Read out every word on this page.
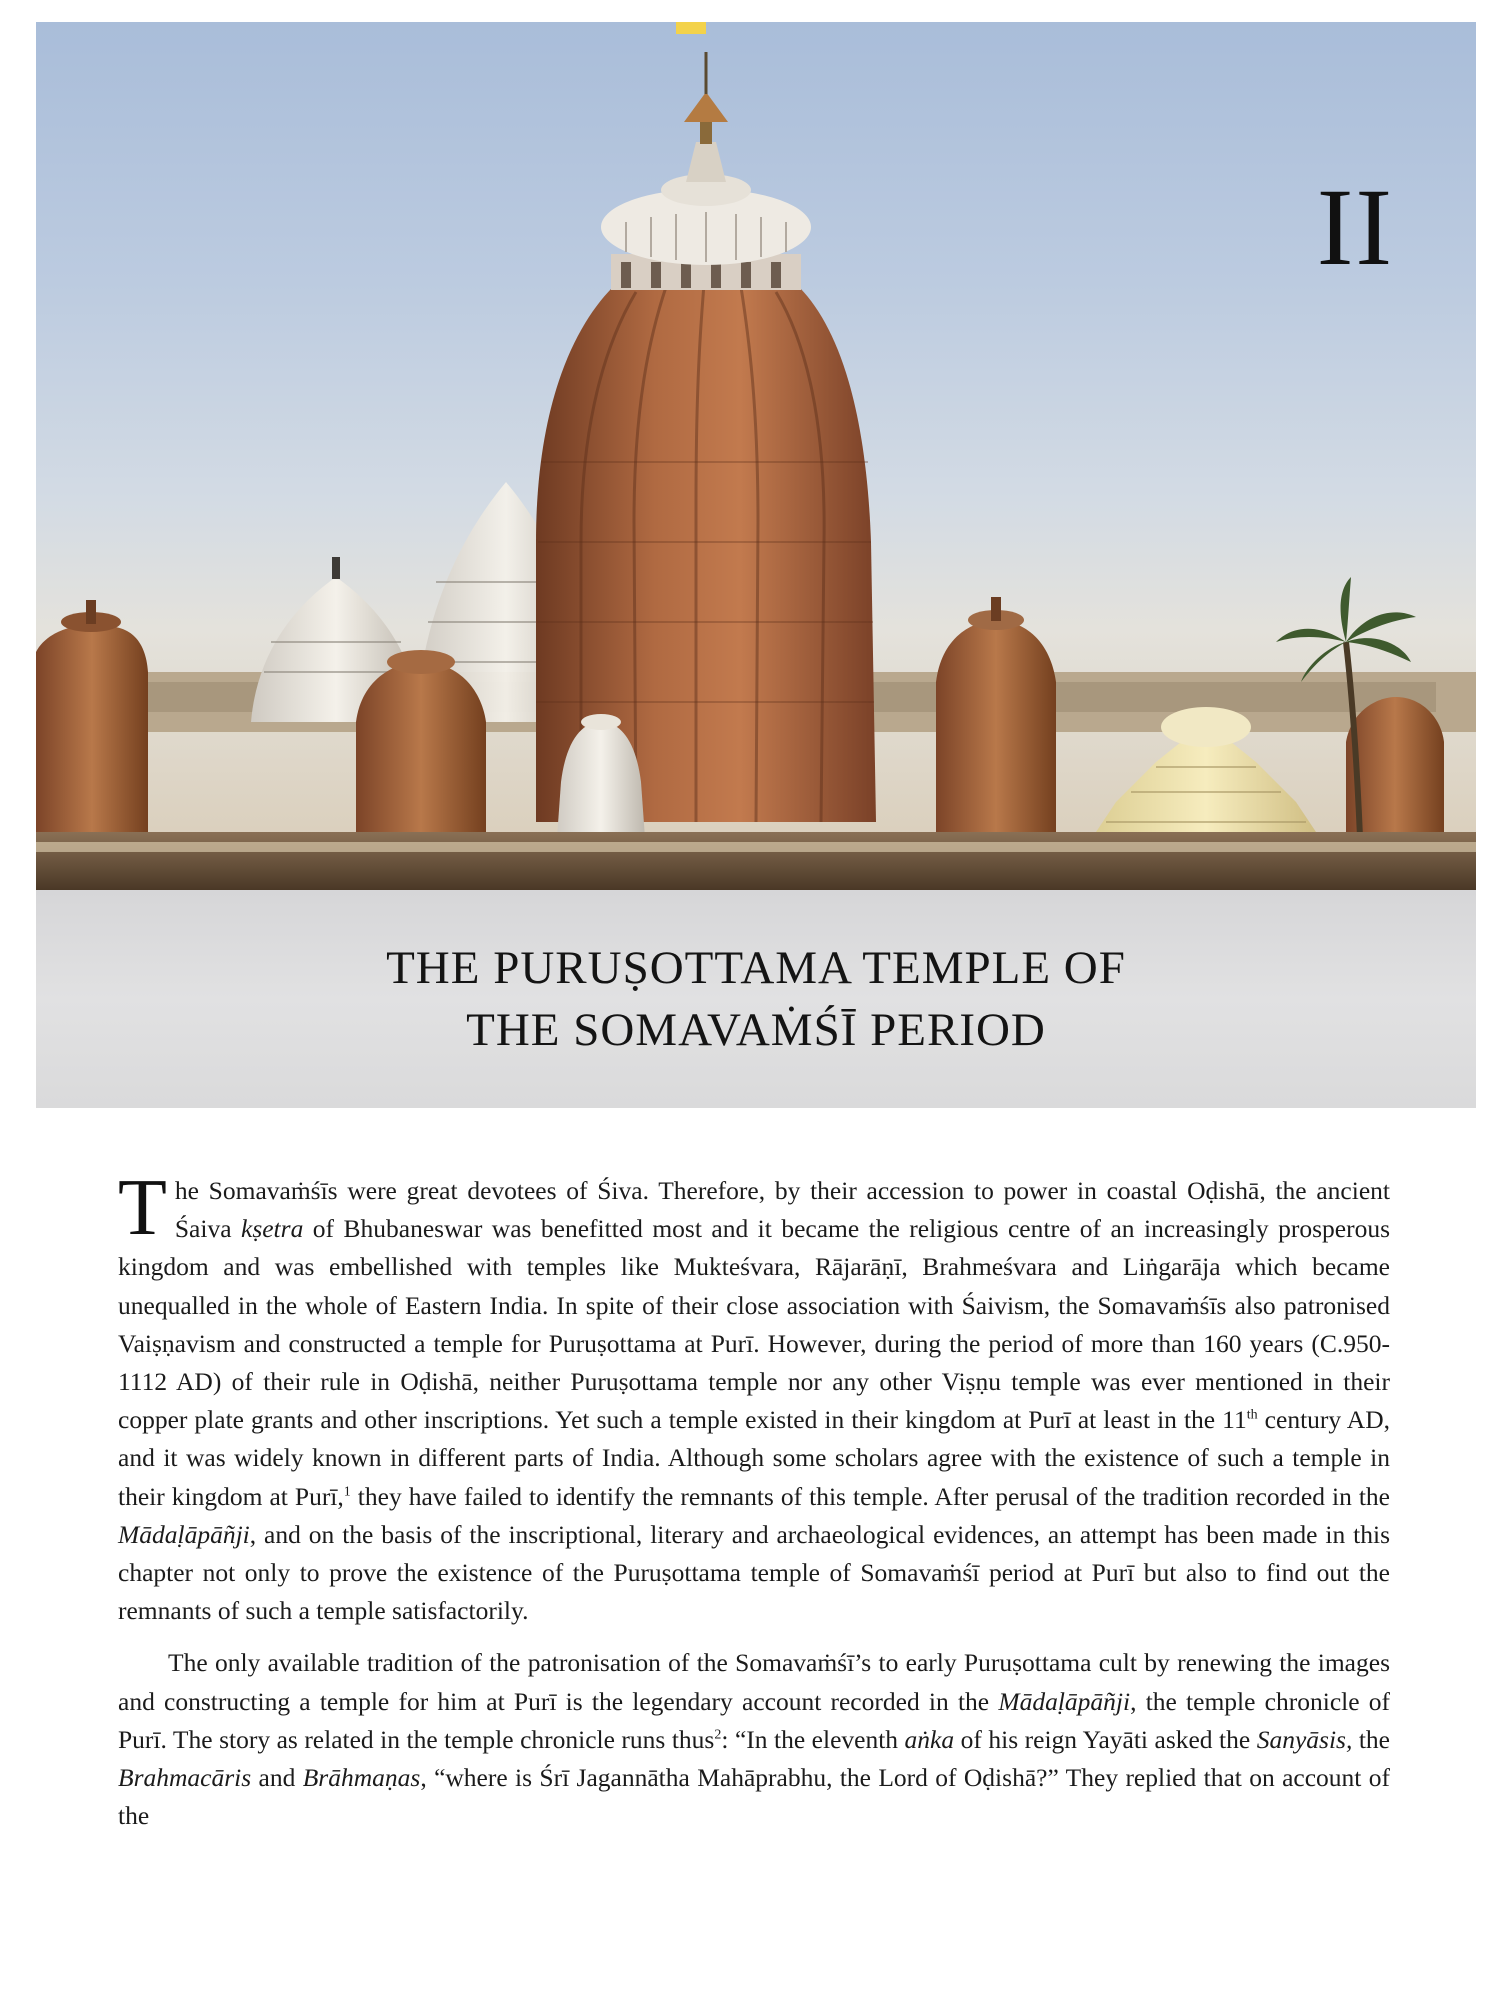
II
THE PURUṢOTTAMA TEMPLE OF
THE SOMAVAṀŚĪ PERIOD

The Somavaṁśīs were great devotees of Śiva. Therefore, by their accession to power in coastal Oḍishā, the ancient Śaiva kṣetra of Bhubaneswar was benefitted most and it became the religious centre of an increasingly prosperous kingdom and was embellished with temples like Mukteśvara, Rājarāṇī, Brahmeśvara and Liṅgarāja which became unequalled in the whole of Eastern India. In spite of their close association with Śaivism, the Somavaṁśīs also patronised Vaiṣṇavism and constructed a temple for Puruṣottama at Purī. However, during the period of more than 160 years (C.950-1112 AD) of their rule in Oḍishā, neither Puruṣottama temple nor any other Viṣṇu temple was ever mentioned in their copper plate grants and other inscriptions. Yet such a temple existed in their kingdom at Purī at least in the 11th century AD, and it was widely known in different parts of India. Although some scholars agree with the existence of such a temple in their kingdom at Purī,$^1$ they have failed to identify the remnants of this temple. After perusal of the tradition recorded in the Mādaḷāpāñji, and on the basis of the inscriptional, literary and archaeological evidences, an attempt has been made in this chapter not only to prove the existence of the Puruṣottama temple of Somavaṁśī period at Purī but also to find out the remnants of such a temple satisfactorily.

The only available tradition of the patronisation of the Somavaṁśī’s to early Puruṣottama cult by renewing the images and constructing a temple for him at Purī is the legendary account recorded in the Mādaḷāpāñji, the temple chronicle of Purī. The story as related in the temple chronicle runs thus$^2$: “In the eleventh aṅka of his reign Yayāti asked the Sanyāsis, the Brahmacāris and Brāhmaṇas, “where is Śrī Jagannātha Mahāprabhu, the Lord of Oḍishā?” They replied that on account of the
